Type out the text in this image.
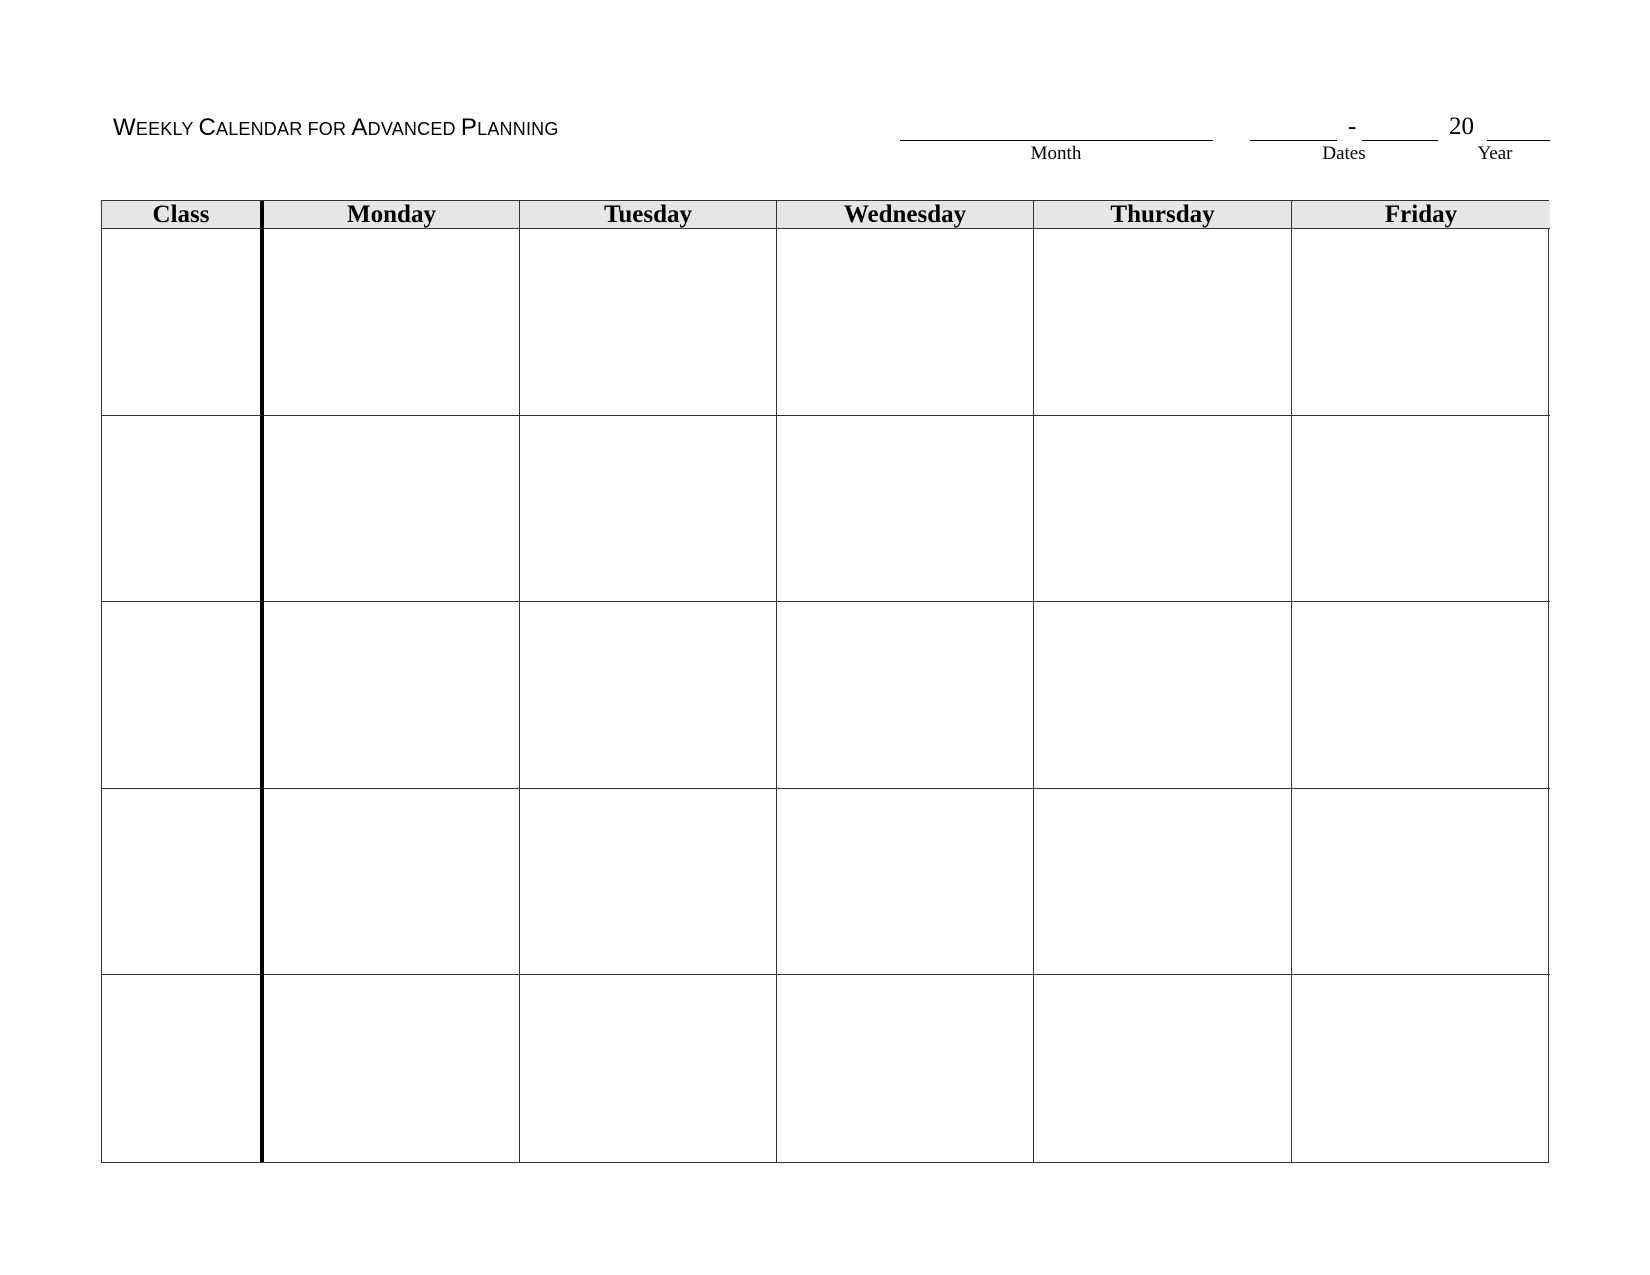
WEEKLY CALENDAR FOR ADVANCED PLANNING
Month
-
Dates
20
Year
Class	Monday	Tuesday	Wednesday	Thursday	Friday
